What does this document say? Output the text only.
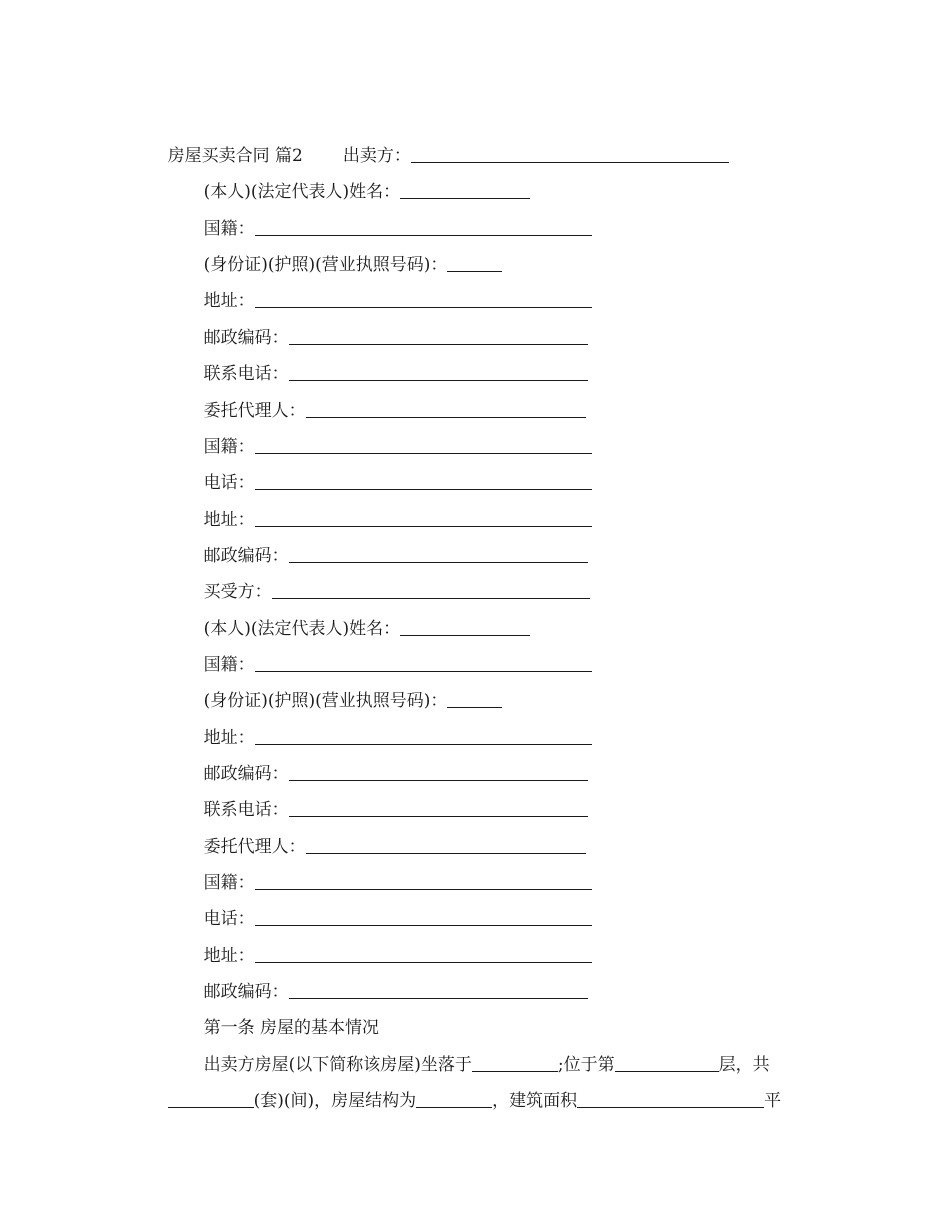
房屋买卖合同 篇2 出卖方：

(本人)(法定代表人)姓名：

国籍：

(身份证)(护照)(营业执照号码)：

地址：

邮政编码：

联系电话：

委托代理人：

国籍：

电话：

地址：

邮政编码：

买受方：

(本人)(法定代表人)姓名：

国籍：

(身份证)(护照)(营业执照号码)：

地址：

邮政编码：

联系电话：

委托代理人：

国籍：

电话：

地址：

邮政编码：

第一条 房屋的基本情况

出卖方房屋(以下简称该房屋)坐落于	;位于第	层，共

(套)(间)，房屋结构为	，建筑面积	平
